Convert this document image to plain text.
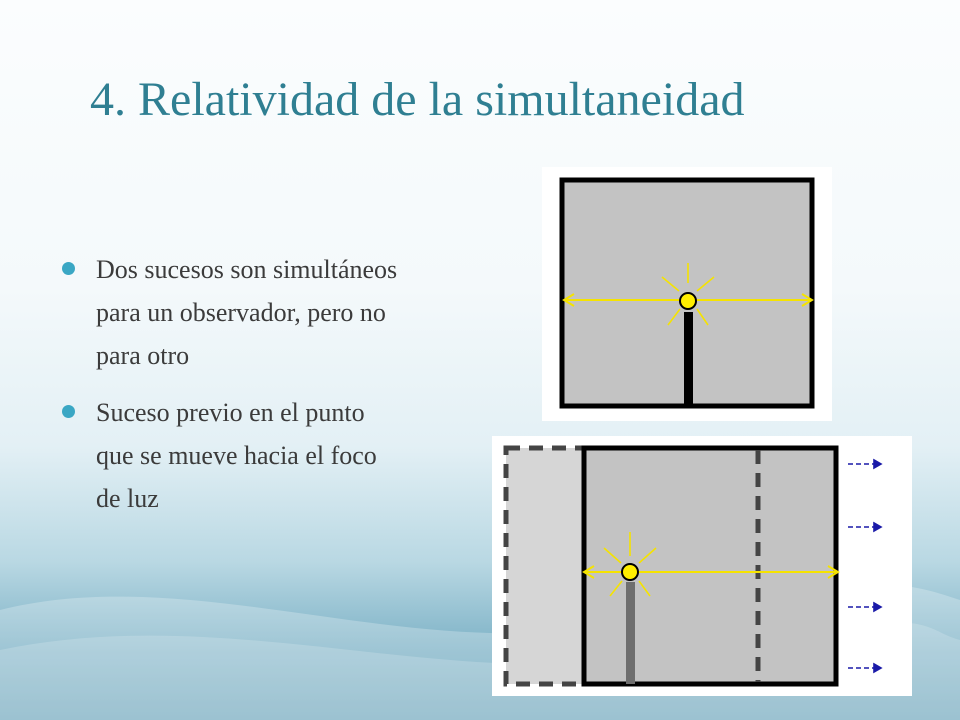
4. Relatividad de la simultaneidad
Dos sucesos son simultáneos para un observador, pero no para otro
Suceso previo en el punto que se mueve hacia el foco de luz
